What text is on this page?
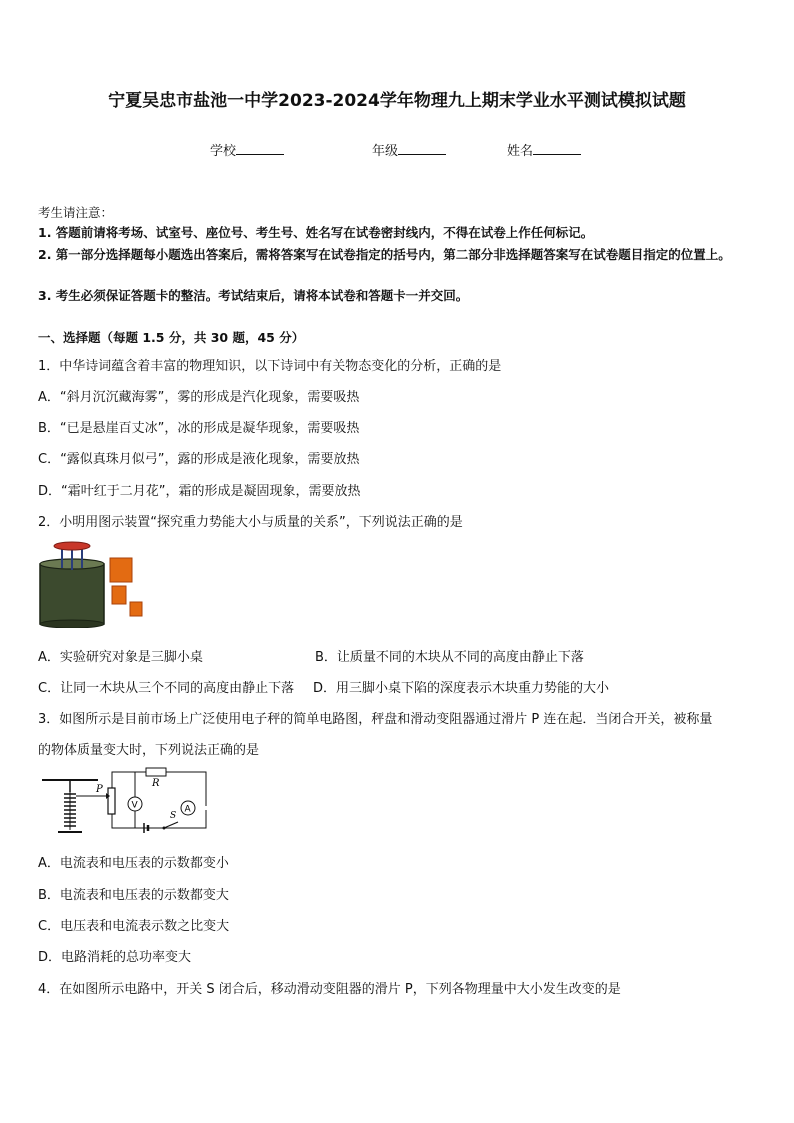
宁夏吴忠市盐池一中学2023-2024学年物理九上期末学业水平测试模拟试题
学校	年级	姓名
考生请注意：
1. 答题前请将考场、试室号、座位号、考生号、姓名写在试卷密封线内，不得在试卷上作任何标记。
2. 第一部分选择题每小题选出答案后，需将答案写在试卷指定的括号内，第二部分非选择题答案写在试卷题目指定的位置上。
3. 考生必须保证答题卡的整洁。考试结束后，请将本试卷和答题卡一并交回。
一、选择题（每题 1.5 分，共 30 题，45 分）
1．中华诗词蕴含着丰富的物理知识，以下诗词中有关物态变化的分析，正确的是
A．“斜月沉沉藏海雾”，雾的形成是汽化现象，需要吸热
B．“已是悬崖百丈冰”，冰的形成是凝华现象，需要吸热
C．“露似真珠月似弓”，露的形成是液化现象，需要放热
D．“霜叶红于二月花”，霜的形成是凝固现象，需要放热
2．小明用图示装置“探究重力势能大小与质量的关系”，下列说法正确的是
A．实验研究对象是三脚小桌	B．让质量不同的木块从不同的高度由静止下落
C．让同一木块从三个不同的高度由静止下落 D．用三脚小桌下陷的深度表示木块重力势能的大小
3．如图所示是目前市场上广泛使用电子秤的简单电路图，秤盘和滑动变阻器通过滑片 P 连在起．当闭合开关，被称量
的物体质量变大时，下列说法正确的是
P
R
V	A
S
A．电流表和电压表的示数都变小
B．电流表和电压表的示数都变大
C．电压表和电流表示数之比变大
D．电路消耗的总功率变大
4．在如图所示电路中，开关 S 闭合后，移动滑动变阻器的滑片 P，下列各物理量中大小发生改变的是
